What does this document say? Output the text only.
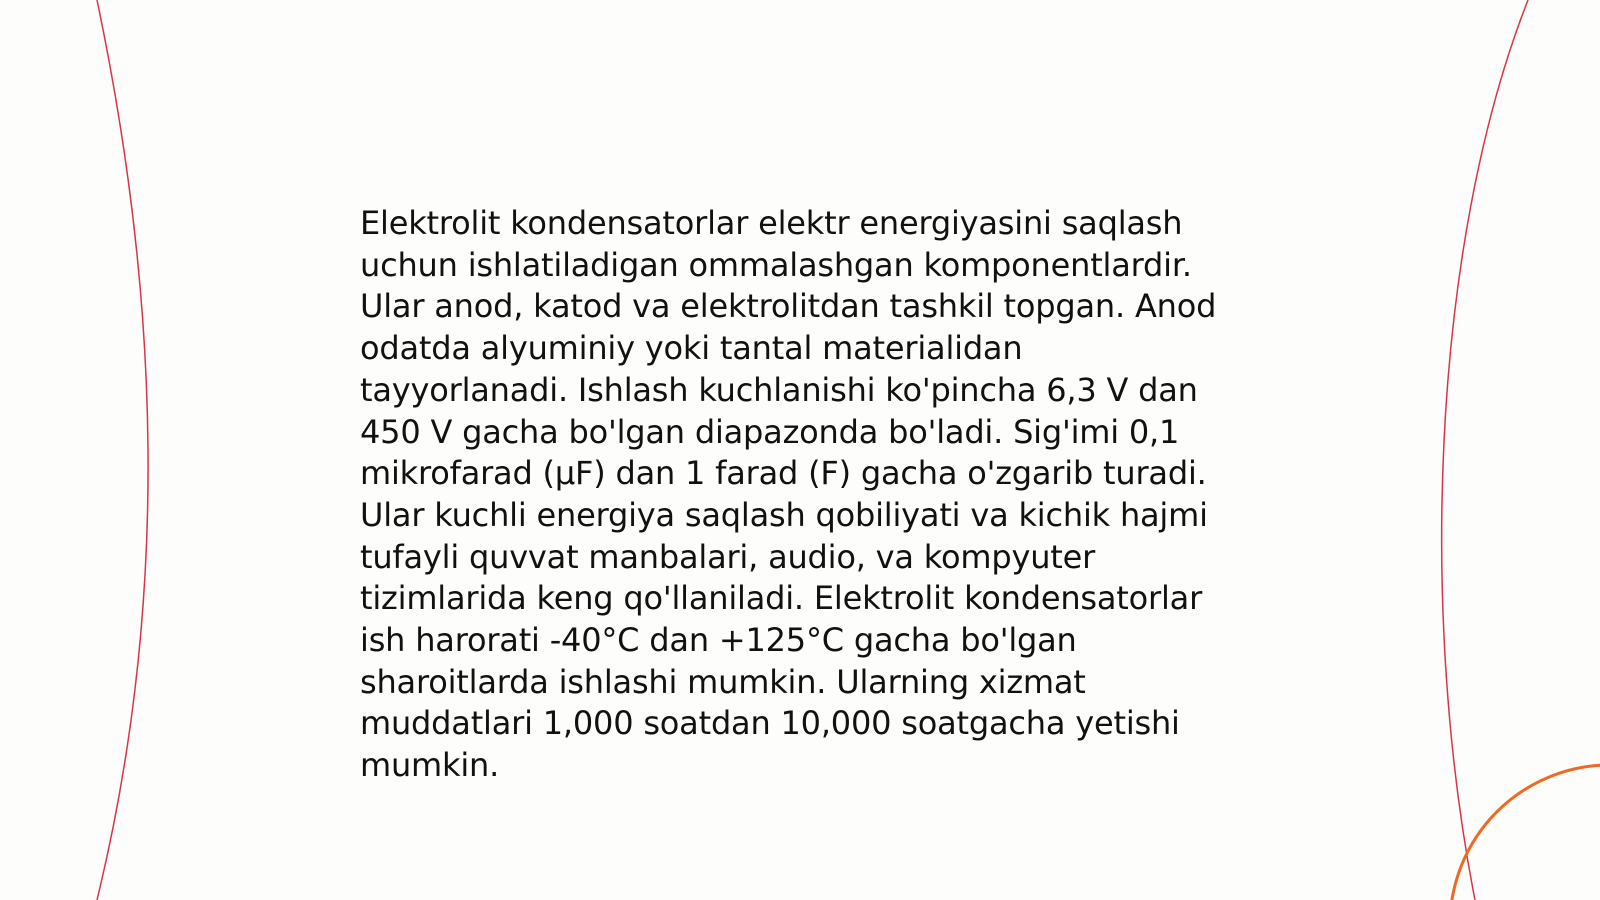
Elektrolit kondensatorlar elektr energiyasini saqlash
uchun ishlatiladigan ommalashgan komponentlardir.
Ular anod, katod va elektrolitdan tashkil topgan. Anod
odatda alyuminiy yoki tantal materialidan
tayyorlanadi. Ishlash kuchlanishi ko'pincha 6,3 V dan
450 V gacha bo'lgan diapazonda bo'ladi. Sig'imi 0,1
mikrofarad (µF) dan 1 farad (F) gacha o'zgarib turadi.
Ular kuchli energiya saqlash qobiliyati va kichik hajmi
tufayli quvvat manbalari, audio, va kompyuter
tizimlarida keng qo'llaniladi. Elektrolit kondensatorlar
ish harorati -40°C dan +125°C gacha bo'lgan
sharoitlarda ishlashi mumkin. Ularning xizmat
muddatlari 1,000 soatdan 10,000 soatgacha yetishi
mumkin.
